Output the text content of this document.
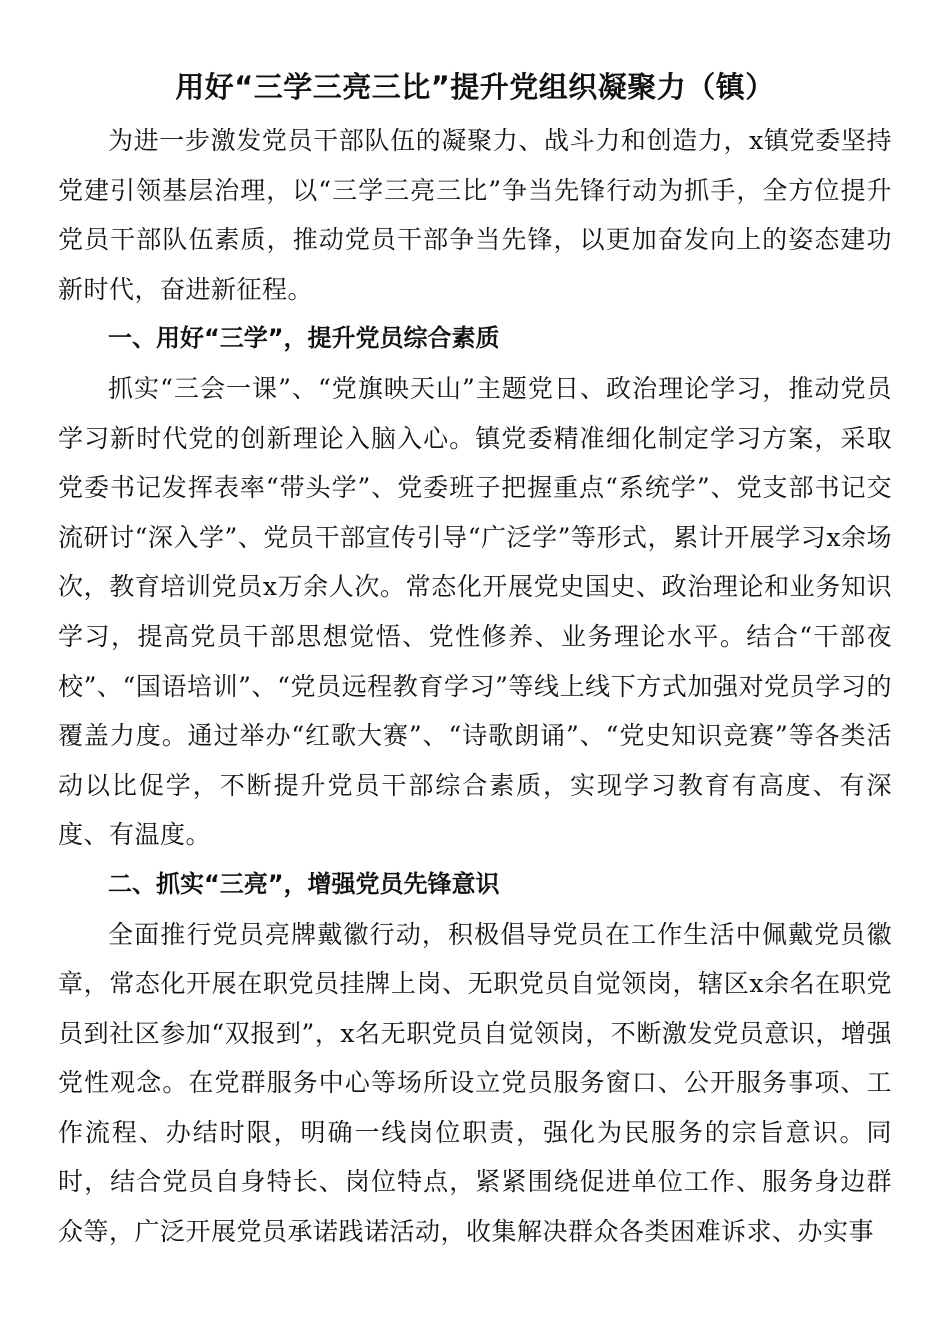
用好“三学三亮三比”提升党组织凝聚力（镇）

为进一步激发党员干部队伍的凝聚力、战斗力和创造力，x镇党委坚持党建引领基层治理，以“三学三亮三比”争当先锋行动为抓手，全方位提升党员干部队伍素质，推动党员干部争当先锋，以更加奋发向上的姿态建功新时代，奋进新征程。

一、用好“三学”，提升党员综合素质

抓实“三会一课”、“党旗映天山”主题党日、政治理论学习，推动党员学习新时代党的创新理论入脑入心。镇党委精准细化制定学习方案，采取党委书记发挥表率“带头学”、党委班子把握重点“系统学”、党支部书记交流研讨“深入学”、党员干部宣传引导“广泛学”等形式，累计开展学习x余场次，教育培训党员x万余人次。常态化开展党史国史、政治理论和业务知识学习，提高党员干部思想觉悟、党性修养、业务理论水平。结合“干部夜校”、“国语培训”、“党员远程教育学习”等线上线下方式加强对党员学习的覆盖力度。通过举办“红歌大赛”、“诗歌朗诵”、“党史知识竞赛”等各类活动以比促学，不断提升党员干部综合素质，实现学习教育有高度、有深度、有温度。

二、抓实“三亮”，增强党员先锋意识

全面推行党员亮牌戴徽行动，积极倡导党员在工作生活中佩戴党员徽章，常态化开展在职党员挂牌上岗、无职党员自觉领岗，辖区x余名在职党员到社区参加“双报到”，x名无职党员自觉领岗，不断激发党员意识，增强党性观念。在党群服务中心等场所设立党员服务窗口、公开服务事项、工作流程、办结时限，明确一线岗位职责，强化为民服务的宗旨意识。同时，结合党员自身特长、岗位特点，紧紧围绕促进单位工作、服务身边群众等，广泛开展党员承诺践诺活动，收集解决群众各类困难诉求、办实事
